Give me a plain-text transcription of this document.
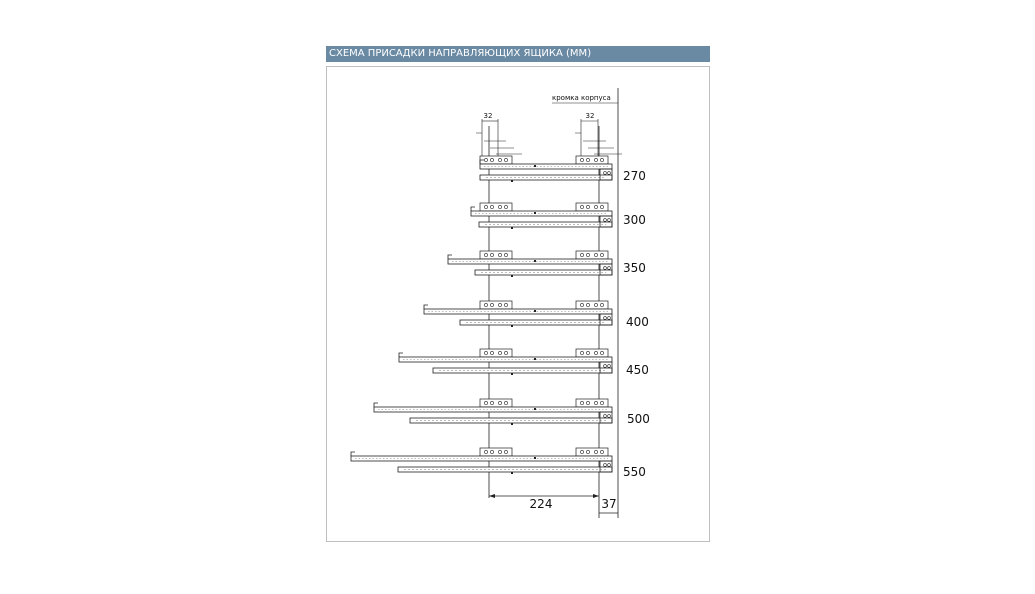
СХЕМА ПРИСАДКИ НАПРАВЛЯЮЩИХ ЯЩИКА (ММ)
кромка корпуса
32	32
224	37
270
300
350
400
450
500
550
